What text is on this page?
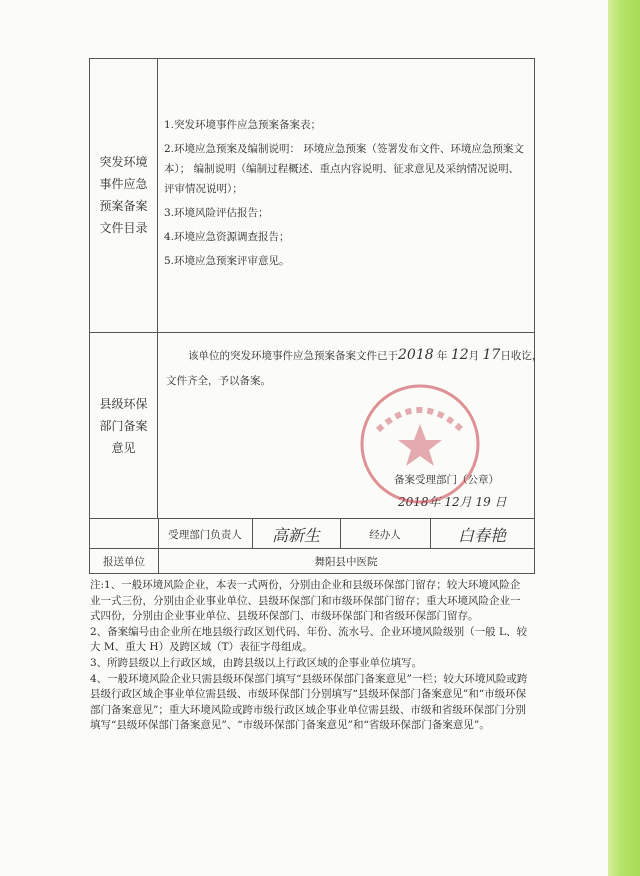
突发环境事件应急预案备案文件目录
1.突发环境事件应急预案备案表；
2.环境应急预案及编制说明： 环境应急预案（签署发布文件、环境应急预案文本）； 编制说明（编制过程概述、重点内容说明、征求意见及采纳情况说明、评审情况说明）；
3.环境风险评估报告；
4.环境应急资源调查报告；
5.环境应急预案评审意见。
县级环保部门备案意见
该单位的突发环境事件应急预案备案文件已于2018 年 12月 17日收讫，
文件齐全，予以备案。
备案受理部门（公章）
2018年 12月 19 日
受理部门负责人	高新生	经办人	白春艳
报送单位	舞阳县中医院

注:1、一般环境风险企业，本表一式两份，分别由企业和县级环保部门留存；较大环境风险企业一式三份，分别由企业事业单位、县级环保部门和市级环保部门留存；重大环境风险企业一式四份，分别由企业事业单位、县级环保部门、市级环保部门和省级环保部门留存。

2、备案编号由企业所在地县级行政区划代码、年份、流水号、企业环境风险级别（一般 L、较大 M、重大 H）及跨区域（T）表征字母组成。

3、所跨县级以上行政区域，由跨县级以上行政区域的企事业单位填写。

4、一般环境风险企业只需县级环保部门填写“县级环保部门备案意见”一栏；较大环境风险或跨县级行政区域企事业单位需县级、市级环保部门分别填写“县级环保部门备案意见”和“市级环保部门备案意见”；重大环境风险或跨市级行政区域企事业单位需县级、市级和省级环保部门分别填写“县级环保部门备案意见”、“市级环保部门备案意见”和“省级环保部门备案意见”。
